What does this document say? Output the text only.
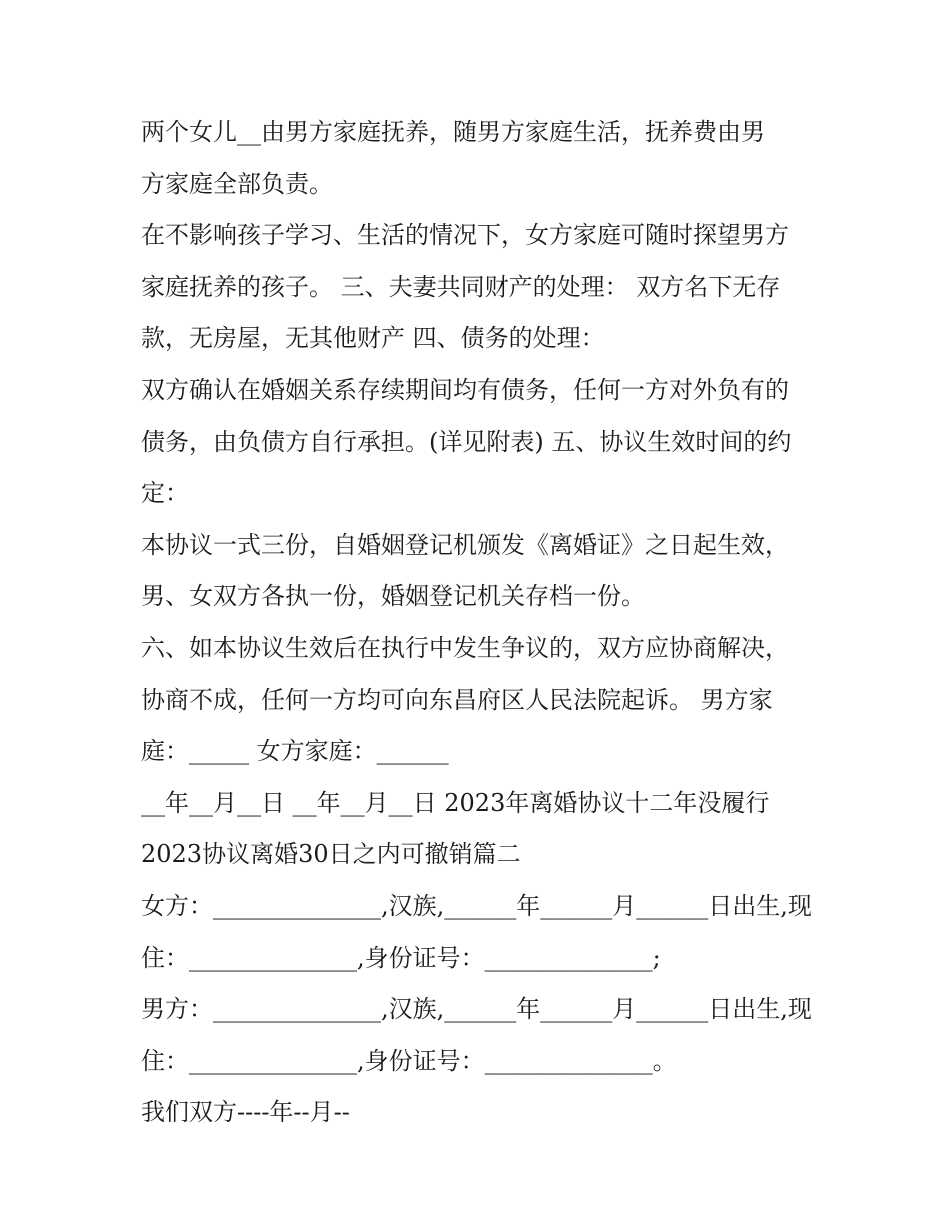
两个女儿__由男方家庭抚养，随男方家庭生活，抚养费由男
方家庭全部负责。
在不影响孩子学习、生活的情况下，女方家庭可随时探望男方
家庭抚养的孩子。 三、夫妻共同财产的处理： 双方名下无存
款，无房屋，无其他财产 四、债务的处理：
双方确认在婚姻关系存续期间均有债务，任何一方对外负有的
债务，由负债方自行承担。(详见附表) 五、协议生效时间的约
定：
本协议一式三份，自婚姻登记机颁发《离婚证》之日起生效，
男、女双方各执一份，婚姻登记机关存档一份。
六、如本协议生效后在执行中发生争议的，双方应协商解决，
协商不成，任何一方均可向东昌府区人民法院起诉。 男方家
庭：_____ 女方家庭：______
__年__月__日 __年__月__日 2023年离婚协议十二年没履行
2023协议离婚30日之内可撤销篇二
女方：______________,汉族,______年______月______日出生,现
住：______________,身份证号：______________;
男方：______________,汉族,______年______月______日出生,现
住：______________,身份证号：______________。
我们双方----年--月--
